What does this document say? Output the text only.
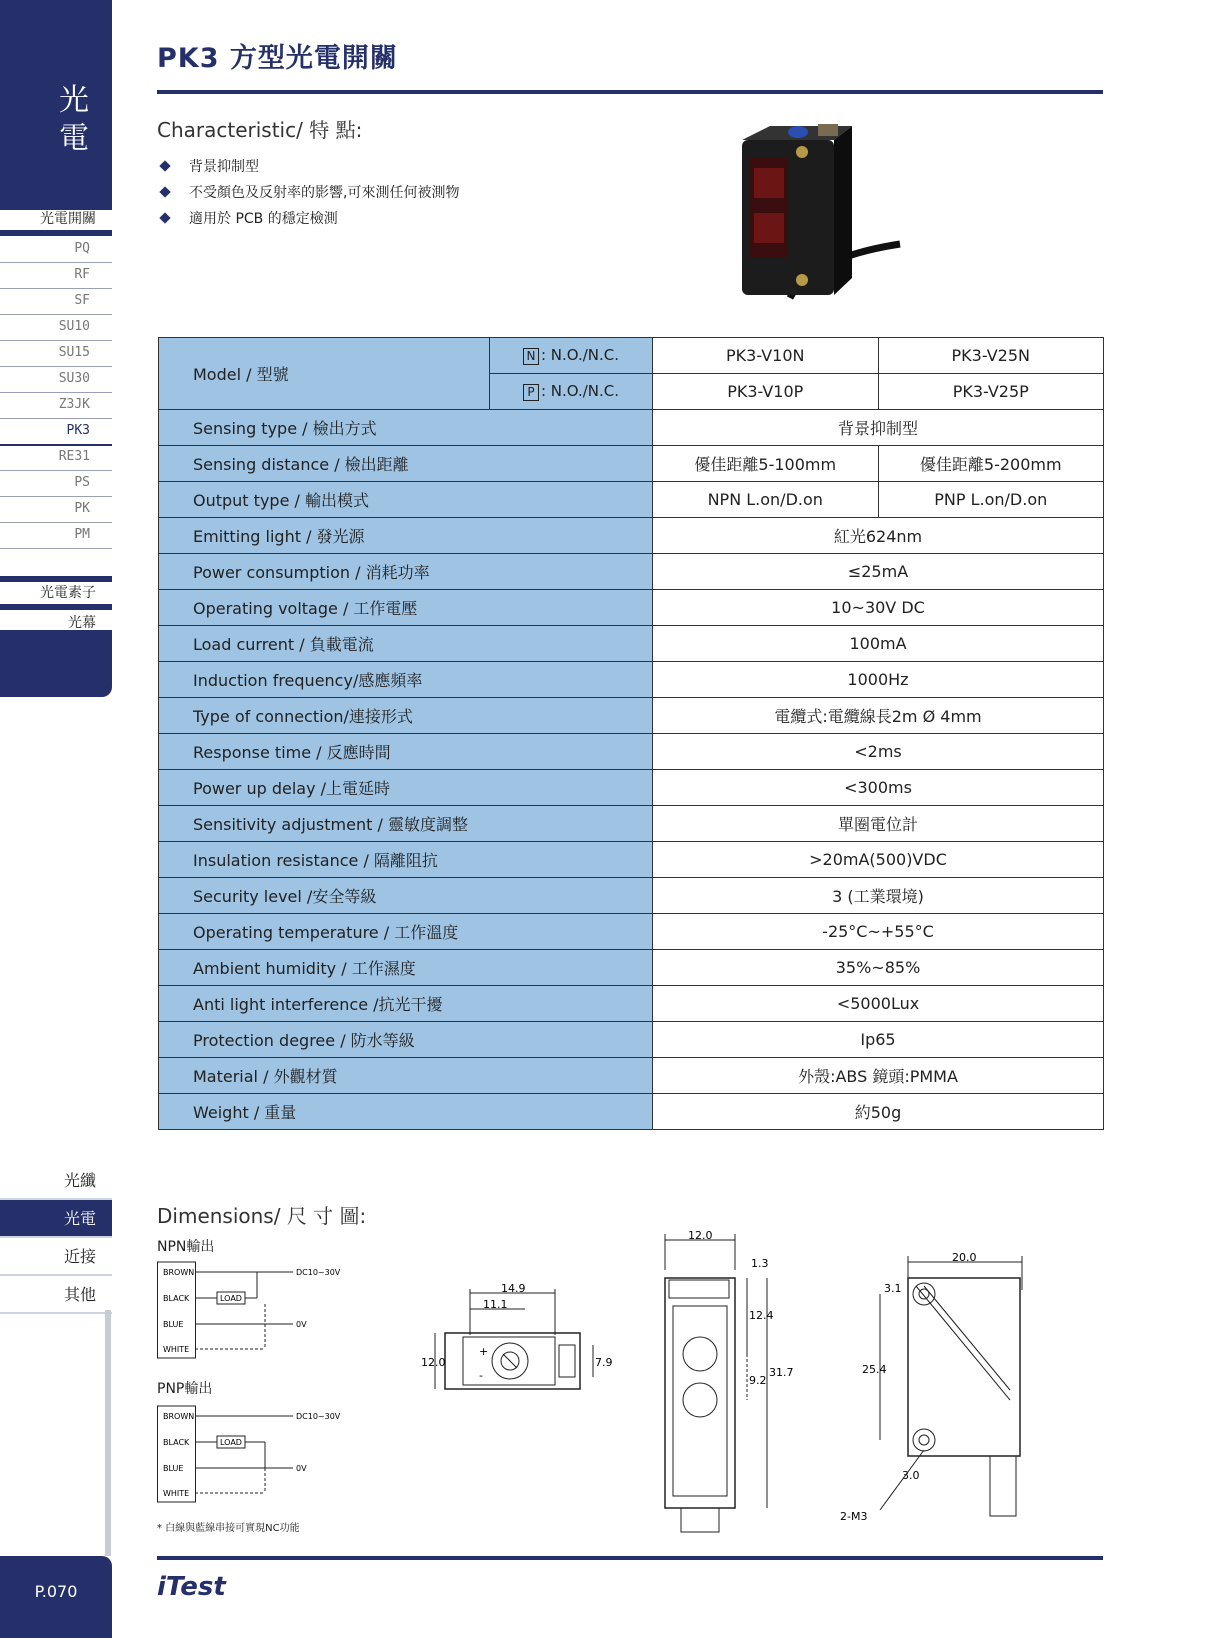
光電
光電開關
PQ
RF
SF
SU10
SU15
SU30
Z3JK
PK3
RE31
PS
PK
PM
光電素子
光幕
光纖
光電
近接
其他
P.070
PK3 方型光電開關
Characteristic/ 特 點:
背景抑制型
不受顏色及反射率的影響,可來測任何被測物
適用於 PCB 的穩定檢測
Model / 型號	N : N.O./N.C.	PK3-V10N	PK3-V25N
	P : N.O./N.C.	PK3-V10P	PK3-V25P
Sensing type / 檢出方式		背景抑制型	
Sensing distance / 檢出距離		優佳距離5-100mm	優佳距離5-200mm
Output type / 輸出模式		NPN L.on/D.on	PNP L.on/D.on
Emitting light / 發光源		紅光624nm	
Power consumption / 消耗功率		≤25mA	
Operating voltage / 工作電壓		10~30V DC	
Load current / 負載電流		100mA	
Induction frequency/感應頻率		1000Hz	
Type of connection/連接形式		電纜式:電纜線長2m Ø 4mm	
Response time / 反應時間		<2ms	
Power up delay /上電延時		<300ms	
Sensitivity adjustment / 靈敏度調整		單圈電位計	
Insulation resistance / 隔離阻抗		>20mA(500)VDC	
Security level /安全等級		3 (工業環境)	
Operating temperature / 工作溫度		-25°C~+55°C	
Ambient humidity / 工作濕度		35%~85%	
Anti light interference /抗光干擾		<5000Lux	
Protection degree / 防水等級		Ip65	
Material / 外觀材質		外殼:ABS 鏡頭:PMMA	
Weight / 重量		約50g	
Dimensions/ 尺 寸 圖:
NPN輸出
PNP輸出
BROWN
BLACK
BLUE
WHITE
DC10~30V
LOAD
0V
BROWN
BLACK
BLUE
WHITE
DC10~30V
LOAD
0V
* 白線與藍線串接可實現NC功能
14.9
11.1
+
-
12.0	7.9
12.0
1.3
12.4
9.2
31.7
20.0
3.1
25.4
3.0
2-M3
iTest
